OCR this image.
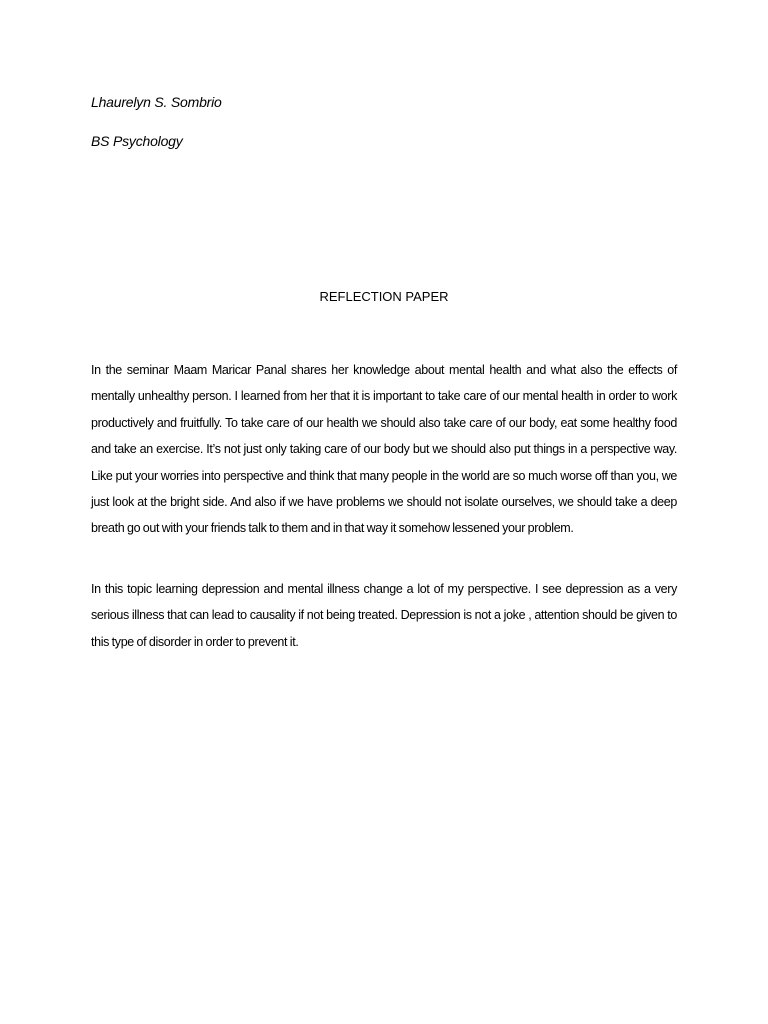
Lhaurelyn S. Sombrio
BS Psychology
REFLECTION PAPER

In the seminar Maam Maricar Panal shares her knowledge about mental health and what also the effects of mentally unhealthy person. I learned from her that it is important to take care of our mental health in order to work productively and fruitfully. To take care of our health we should also take care of our body, eat some healthy food and take an exercise. It’s not just only taking care of our body but we should also put things in a perspective way. Like put your worries into perspective and think that many people in the world are so much worse off than you, we just look at the bright side. And also if we have problems we should not isolate ourselves, we should take a deep breath go out with your friends talk to them and in that way it somehow lessened your problem.

In this topic learning depression and mental illness change a lot of my perspective. I see depression as a very serious illness that can lead to causality if not being treated. Depression is not a joke , attention should be given to this type of disorder in order to prevent it.
